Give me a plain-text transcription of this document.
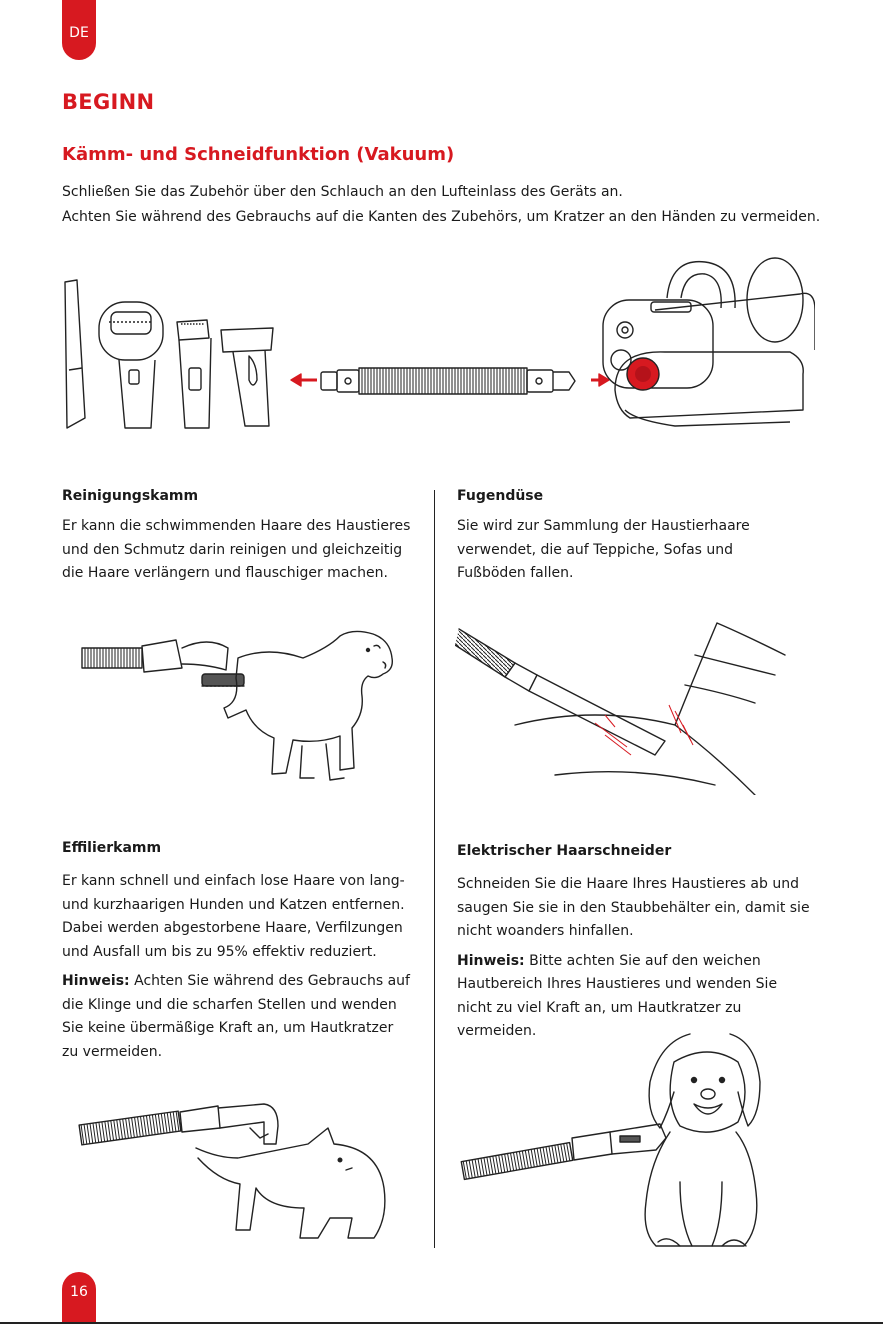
DE
BEGINN
Kämm- und Schneidfunktion (Vakuum)

Schließen Sie das Zubehör über den Schlauch an den Lufteinlass des Geräts an.

Achten Sie während des Gebrauchs auf die Kanten des Zubehörs, um Kratzer an den Händen zu vermeiden.

Reinigungskamm
Er kann die schwimmenden Haare des Haustieres
und den Schmutz darin reinigen und gleichzeitig
die Haare verlängern und flauschiger machen.
Fugendüse
Sie wird zur Sammlung der Haustierhaare
verwendet, die auf Teppiche, Sofas und
Fußböden fallen.
Effilierkamm
Er kann schnell und einfach lose Haare von lang-
und kurzhaarigen Hunden und Katzen entfernen.
Dabei werden abgestorbene Haare, Verfilzungen
und Ausfall um bis zu 95% effektiv reduziert.
Hinweis: Achten Sie während des Gebrauchs auf
die Klinge und die scharfen Stellen und wenden
Sie keine übermäßige Kraft an, um Hautkratzer
zu vermeiden.
Elektrischer Haarschneider
Schneiden Sie die Haare Ihres Haustieres ab und
saugen Sie sie in den Staubbehälter ein, damit sie
nicht woanders hinfallen.
Hinweis: Bitte achten Sie auf den weichen
Hautbereich Ihres Haustieres und wenden Sie
nicht zu viel Kraft an, um Hautkratzer zu
vermeiden.
16
